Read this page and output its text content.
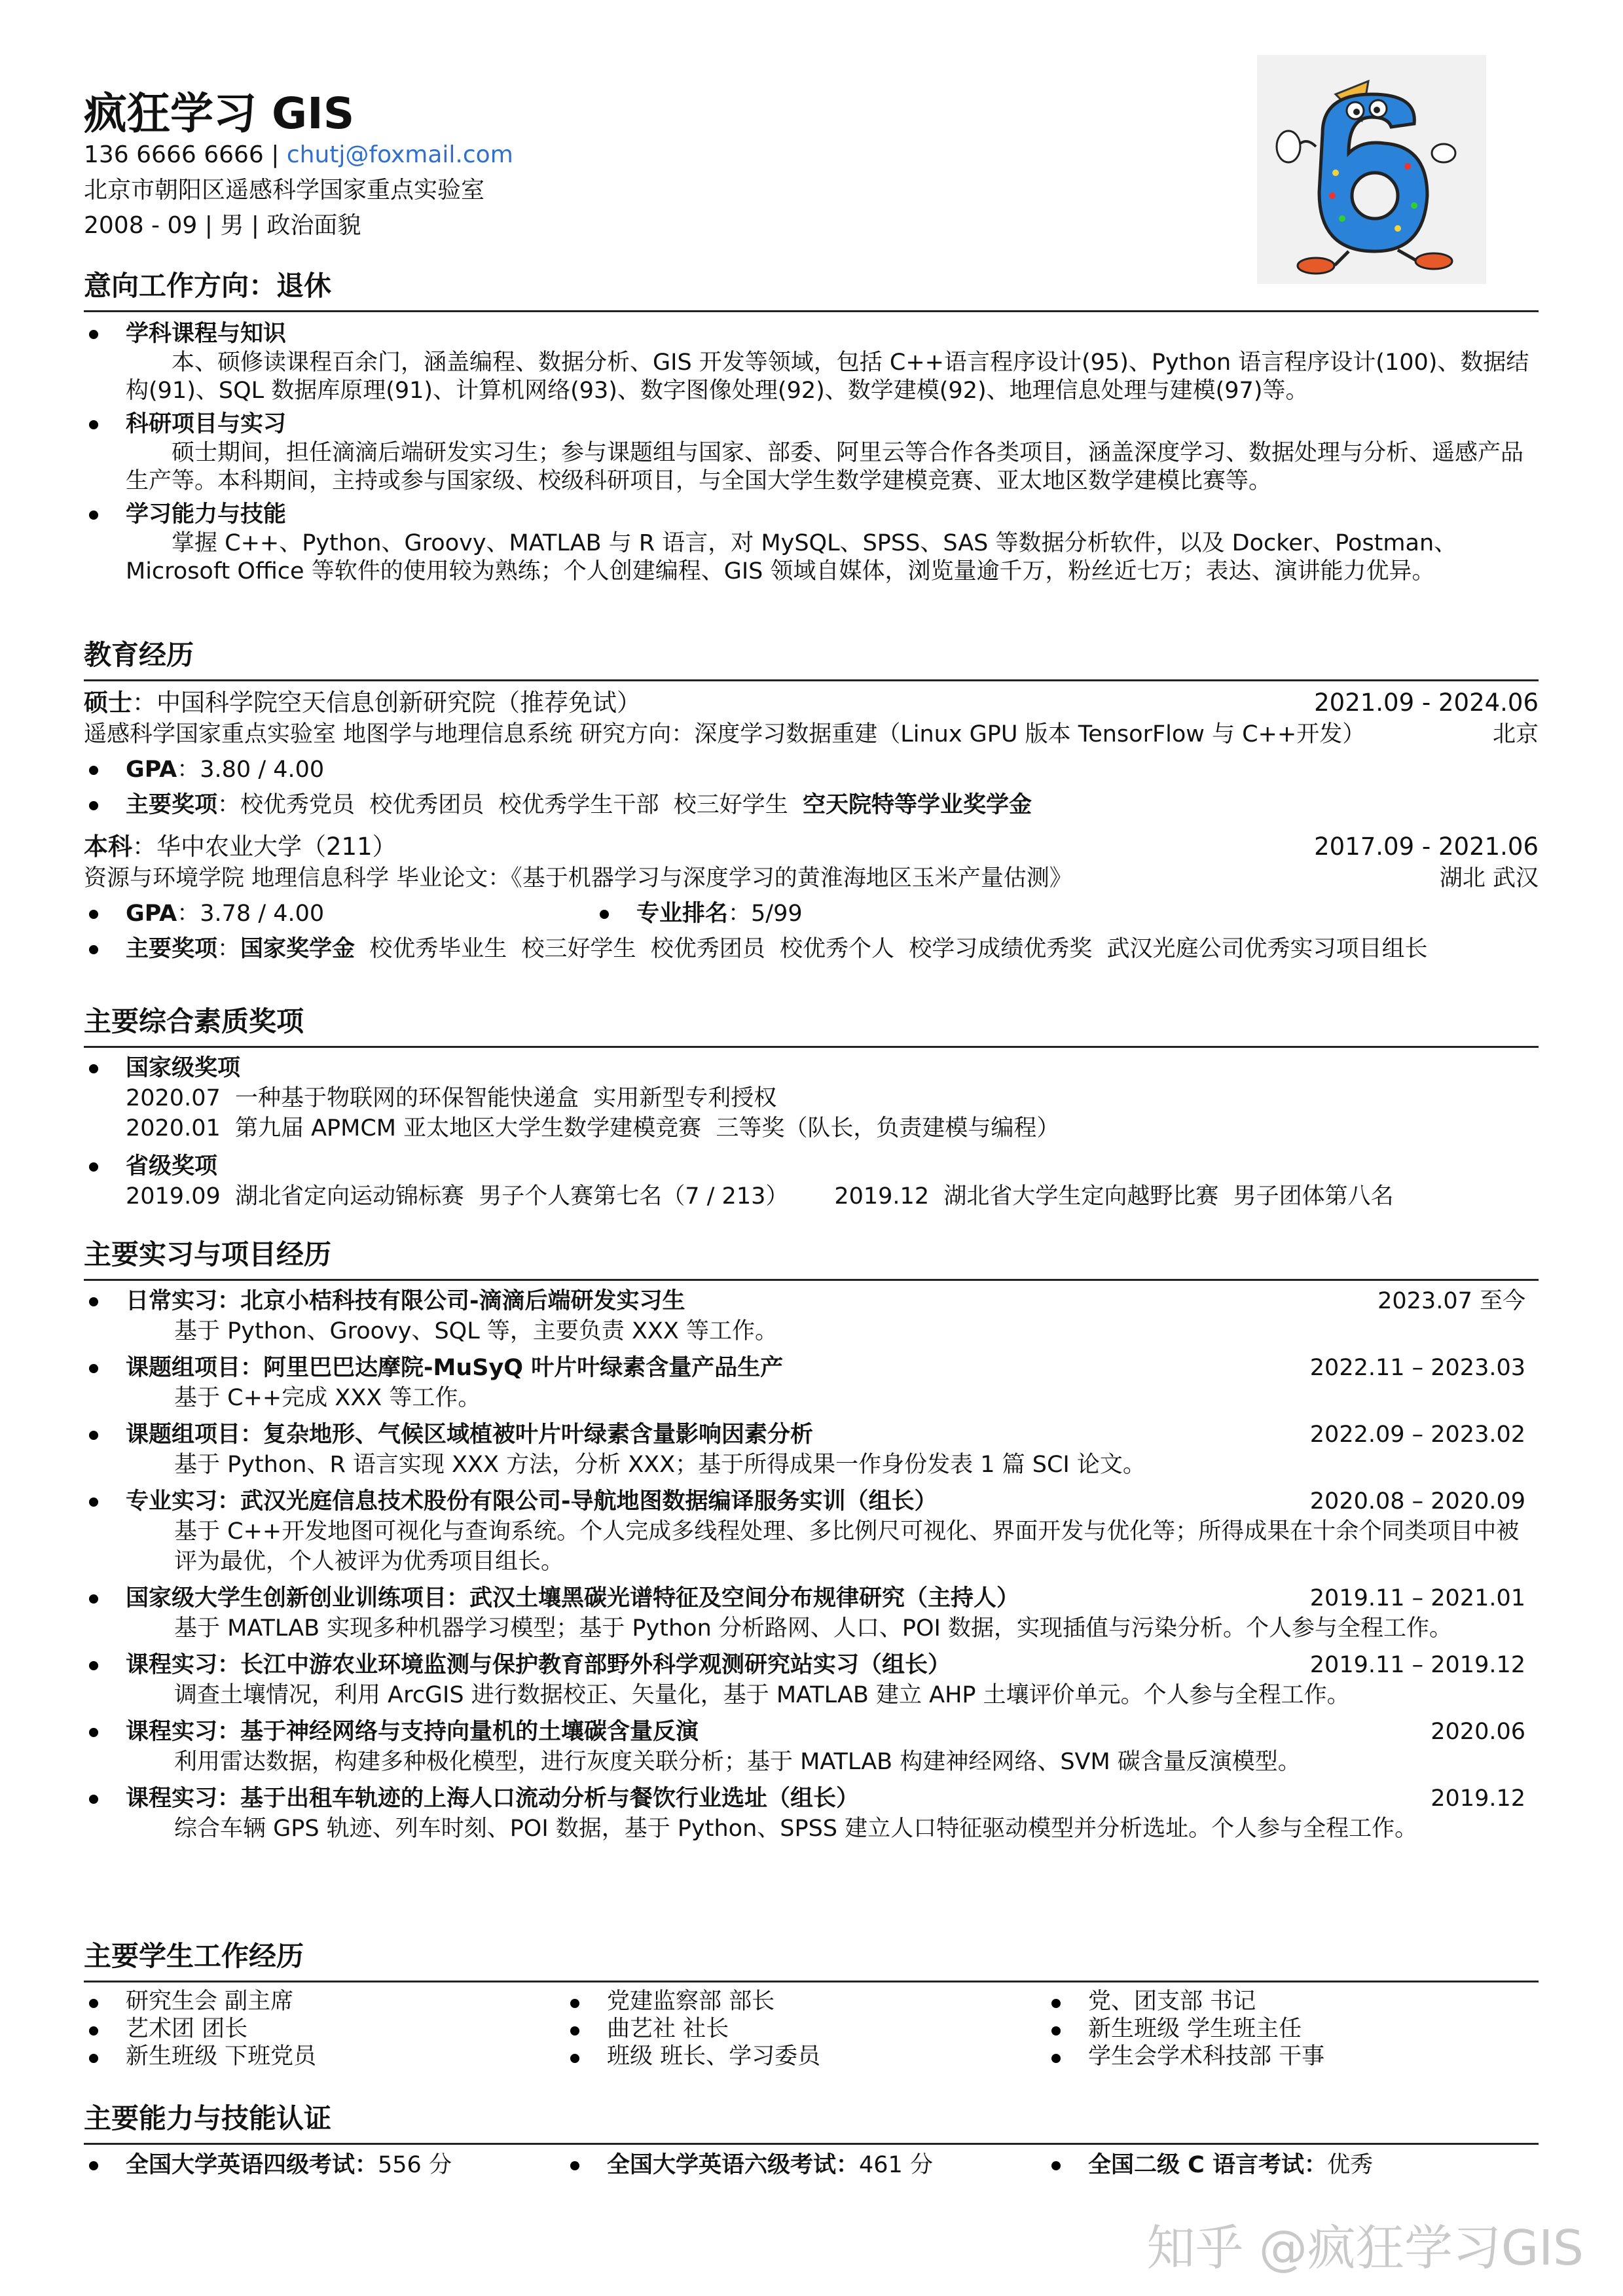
疯狂学习 GIS
136 6666 6666 | chutj@foxmail.com
北京市朝阳区遥感科学国家重点实验室
2008 - 09 | 男 | 政治面貌
意向工作方向：退休
学科课程与知识
本、硕修读课程百余门，涵盖编程、数据分析、GIS 开发等领域，包括 C++语言程序设计(95)、Python 语言程序设计(100)、数据结构(91)、SQL 数据库原理(91)、计算机网络(93)、数字图像处理(92)、数学建模(92)、地理信息处理与建模(97)等。
科研项目与实习
硕士期间，担任滴滴后端研发实习生；参与课题组与国家、部委、阿里云等合作各类项目，涵盖深度学习、数据处理与分析、遥感产品生产等。本科期间，主持或参与国家级、校级科研项目，与全国大学生数学建模竞赛、亚太地区数学建模比赛等。
学习能力与技能
掌握 C++、Python、Groovy、MATLAB 与 R 语言，对 MySQL、SPSS、SAS 等数据分析软件，以及 Docker、Postman、Microsoft Office 等软件的使用较为熟练；个人创建编程、GIS 领域自媒体，浏览量逾千万，粉丝近七万；表达、演讲能力优异。
教育经历
硕士：中国科学院空天信息创新研究院（推荐免试）	2021.09 - 2024.06
遥感科学国家重点实验室 地图学与地理信息系统 研究方向：深度学习数据重建（Linux GPU 版本 TensorFlow 与 C++开发）	北京
GPA：3.80 / 4.00
主要奖项：校优秀党员  校优秀团员  校优秀学生干部  校三好学生  空天院特等学业奖学金
本科：华中农业大学（211）	2017.09 - 2021.06
资源与环境学院 地理信息科学 毕业论文：《基于机器学习与深度学习的黄淮海地区玉米产量估测》	湖北 武汉
GPA：3.78 / 4.00	专业排名：5/99
主要奖项：国家奖学金  校优秀毕业生  校三好学生  校优秀团员  校优秀个人  校学习成绩优秀奖  武汉光庭公司优秀实习项目组长
主要综合素质奖项
国家级奖项
2020.07  一种基于物联网的环保智能快递盒  实用新型专利授权
2020.01  第九届 APMCM 亚太地区大学生数学建模竞赛  三等奖（队长，负责建模与编程）
省级奖项
2019.09  湖北省定向运动锦标赛  男子个人赛第七名（7 / 213） 2019.12  湖北省大学生定向越野比赛  男子团体第八名
主要实习与项目经历
日常实习：北京小桔科技有限公司-滴滴后端研发实习生	2023.07 至今
基于 Python、Groovy、SQL 等，主要负责 XXX 等工作。
课题组项目：阿里巴巴达摩院-MuSyQ 叶片叶绿素含量产品生产	2022.11 – 2023.03
基于 C++完成 XXX 等工作。
课题组项目：复杂地形、气候区域植被叶片叶绿素含量影响因素分析	2022.09 – 2023.02
基于 Python、R 语言实现 XXX 方法，分析 XXX；基于所得成果一作身份发表 1 篇 SCI 论文。
专业实习：武汉光庭信息技术股份有限公司-导航地图数据编译服务实训（组长）	2020.08 – 2020.09
基于 C++开发地图可视化与查询系统。个人完成多线程处理、多比例尺可视化、界面开发与优化等；所得成果在十余个同类项目中被评为最优，个人被评为优秀项目组长。
国家级大学生创新创业训练项目：武汉土壤黑碳光谱特征及空间分布规律研究（主持人）	2019.11 – 2021.01
基于 MATLAB 实现多种机器学习模型；基于 Python 分析路网、人口、POI 数据，实现插值与污染分析。个人参与全程工作。
课程实习：长江中游农业环境监测与保护教育部野外科学观测研究站实习（组长）	2019.11 – 2019.12
调查土壤情况，利用 ArcGIS 进行数据校正、矢量化，基于 MATLAB 建立 AHP 土壤评价单元。个人参与全程工作。
课程实习：基于神经网络与支持向量机的土壤碳含量反演	2020.06
利用雷达数据，构建多种极化模型，进行灰度关联分析；基于 MATLAB 构建神经网络、SVM 碳含量反演模型。
课程实习：基于出租车轨迹的上海人口流动分析与餐饮行业选址（组长）	2019.12
综合车辆 GPS 轨迹、列车时刻、POI 数据，基于 Python、SPSS 建立人口特征驱动模型并分析选址。个人参与全程工作。
主要学生工作经历
研究生会 副主席	党建监察部 部长	党、团支部 书记
艺术团 团长	曲艺社 社长	新生班级 学生班主任
新生班级 下班党员	班级 班长、学习委员	学生会学术科技部 干事
主要能力与技能认证
全国大学英语四级考试：556 分	全国大学英语六级考试：461 分	全国二级 C 语言考试：优秀
知乎 @疯狂学习GIS
